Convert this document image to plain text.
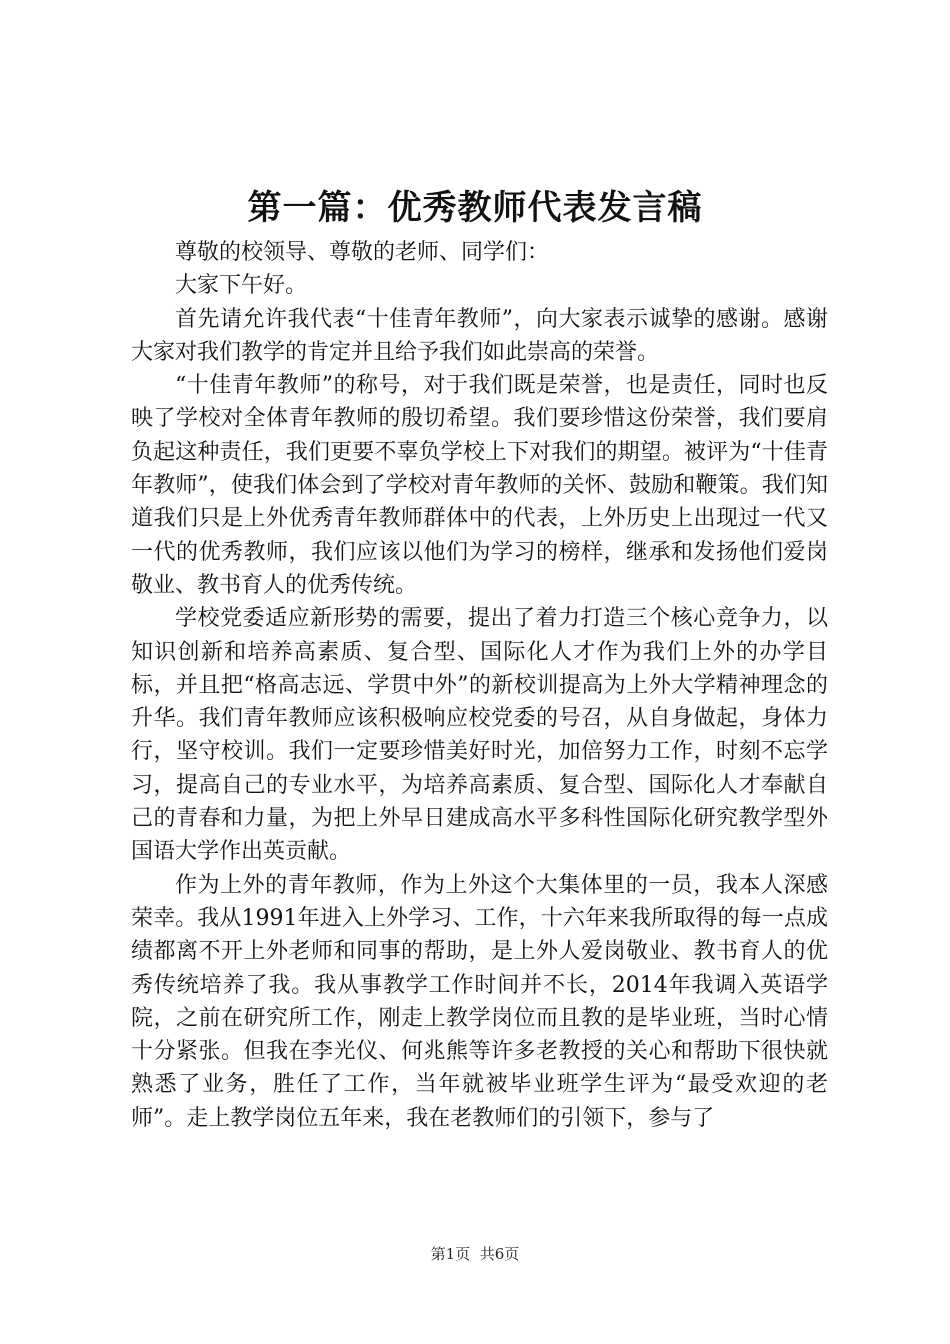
第一篇：优秀教师代表发言稿

尊敬的校领导、尊敬的老师、同学们：

大家下午好。

首先请允许我代表“十佳青年教师”，向大家表示诚挚的感谢。感谢大家对我们教学的肯定并且给予我们如此崇高的荣誉。

“十佳青年教师”的称号，对于我们既是荣誉，也是责任，同时也反映了学校对全体青年教师的殷切希望。我们要珍惜这份荣誉，我们要肩负起这种责任，我们更要不辜负学校上下对我们的期望。被评为“十佳青年教师”，使我们体会到了学校对青年教师的关怀、鼓励和鞭策。我们知道我们只是上外优秀青年教师群体中的代表，上外历史上出现过一代又一代的优秀教师，我们应该以他们为学习的榜样，继承和发扬他们爱岗敬业、教书育人的优秀传统。

学校党委适应新形势的需要，提出了着力打造三个核心竞争力，以知识创新和培养高素质、复合型、国际化人才作为我们上外的办学目标，并且把“格高志远、学贯中外”的新校训提高为上外大学精神理念的升华。我们青年教师应该积极响应校党委的号召，从自身做起，身体力行，坚守校训。我们一定要珍惜美好时光，加倍努力工作，时刻不忘学习，提高自己的专业水平，为培养高素质、复合型、国际化人才奉献自己的青春和力量，为把上外早日建成高水平多科性国际化研究教学型外国语大学作出英贡献。

作为上外的青年教师，作为上外这个大集体里的一员，我本人深感荣幸。我从1991年进入上外学习、工作，十六年来我所取得的每一点成绩都离不开上外老师和同事的帮助，是上外人爱岗敬业、教书育人的优秀传统培养了我。我从事教学工作时间并不长，2014年我调入英语学院，之前在研究所工作，刚走上教学岗位而且教的是毕业班，当时心情十分紧张。但我在李光仪、何兆熊等许多老教授的关心和帮助下很快就熟悉了业务，胜任了工作，当年就被毕业班学生评为“最受欢迎的老师”。走上教学岗位五年来，我在老教师们的引领下，参与了

第1页 共6页
